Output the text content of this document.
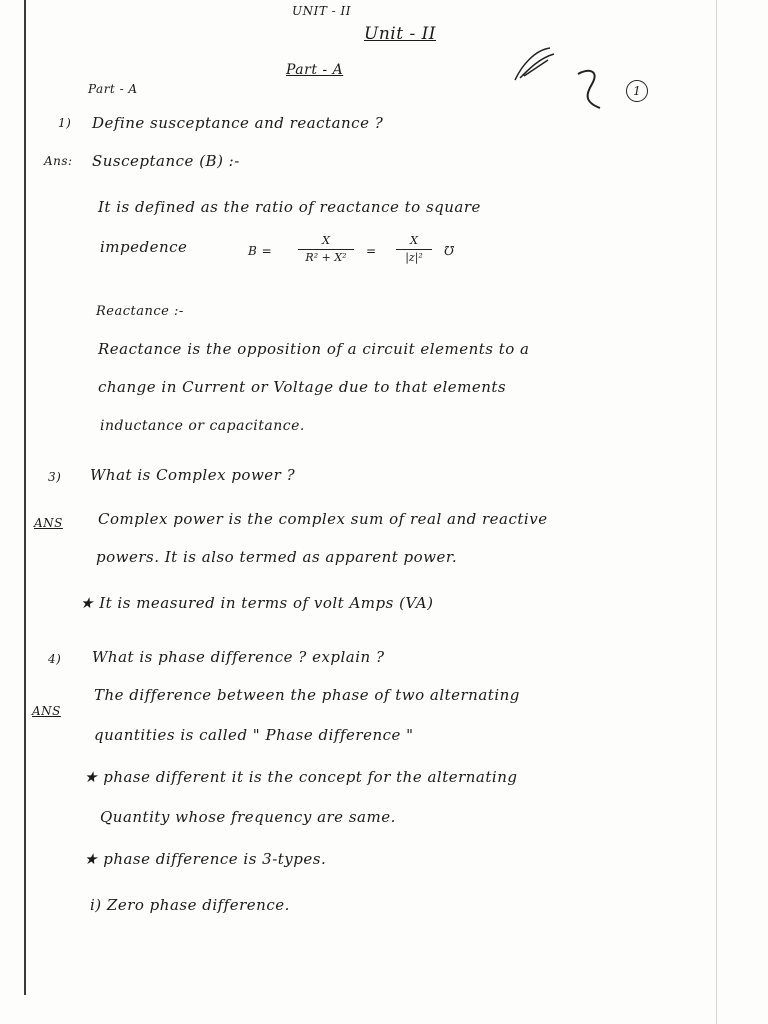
UNIT - II
Unit - II
Part - A
1
Part - A
1) Define susceptance and reactance ?
Ans: Susceptance (B) :-
It is defined as the ratio of reactance to square
impedence	B =
X
R² + X²	=
X
|z|²	℧
Reactance :-
Reactance is the opposition of a circuit elements to a
change in Current or Voltage due to that elements
inductance or capacitance.
3) What is Complex power ?
ANS Complex power is the complex sum of real and reactive
powers. It is also termed as apparent power.
★ It is measured in terms of volt Amps (VA)
4) What is phase difference ? explain ?
ANS
The difference between the phase of two alternating
quantities is called " Phase difference "
★ phase different it is the concept for the alternating
Quantity whose frequency are same.
★ phase difference is 3-types.
i) Zero phase difference.
